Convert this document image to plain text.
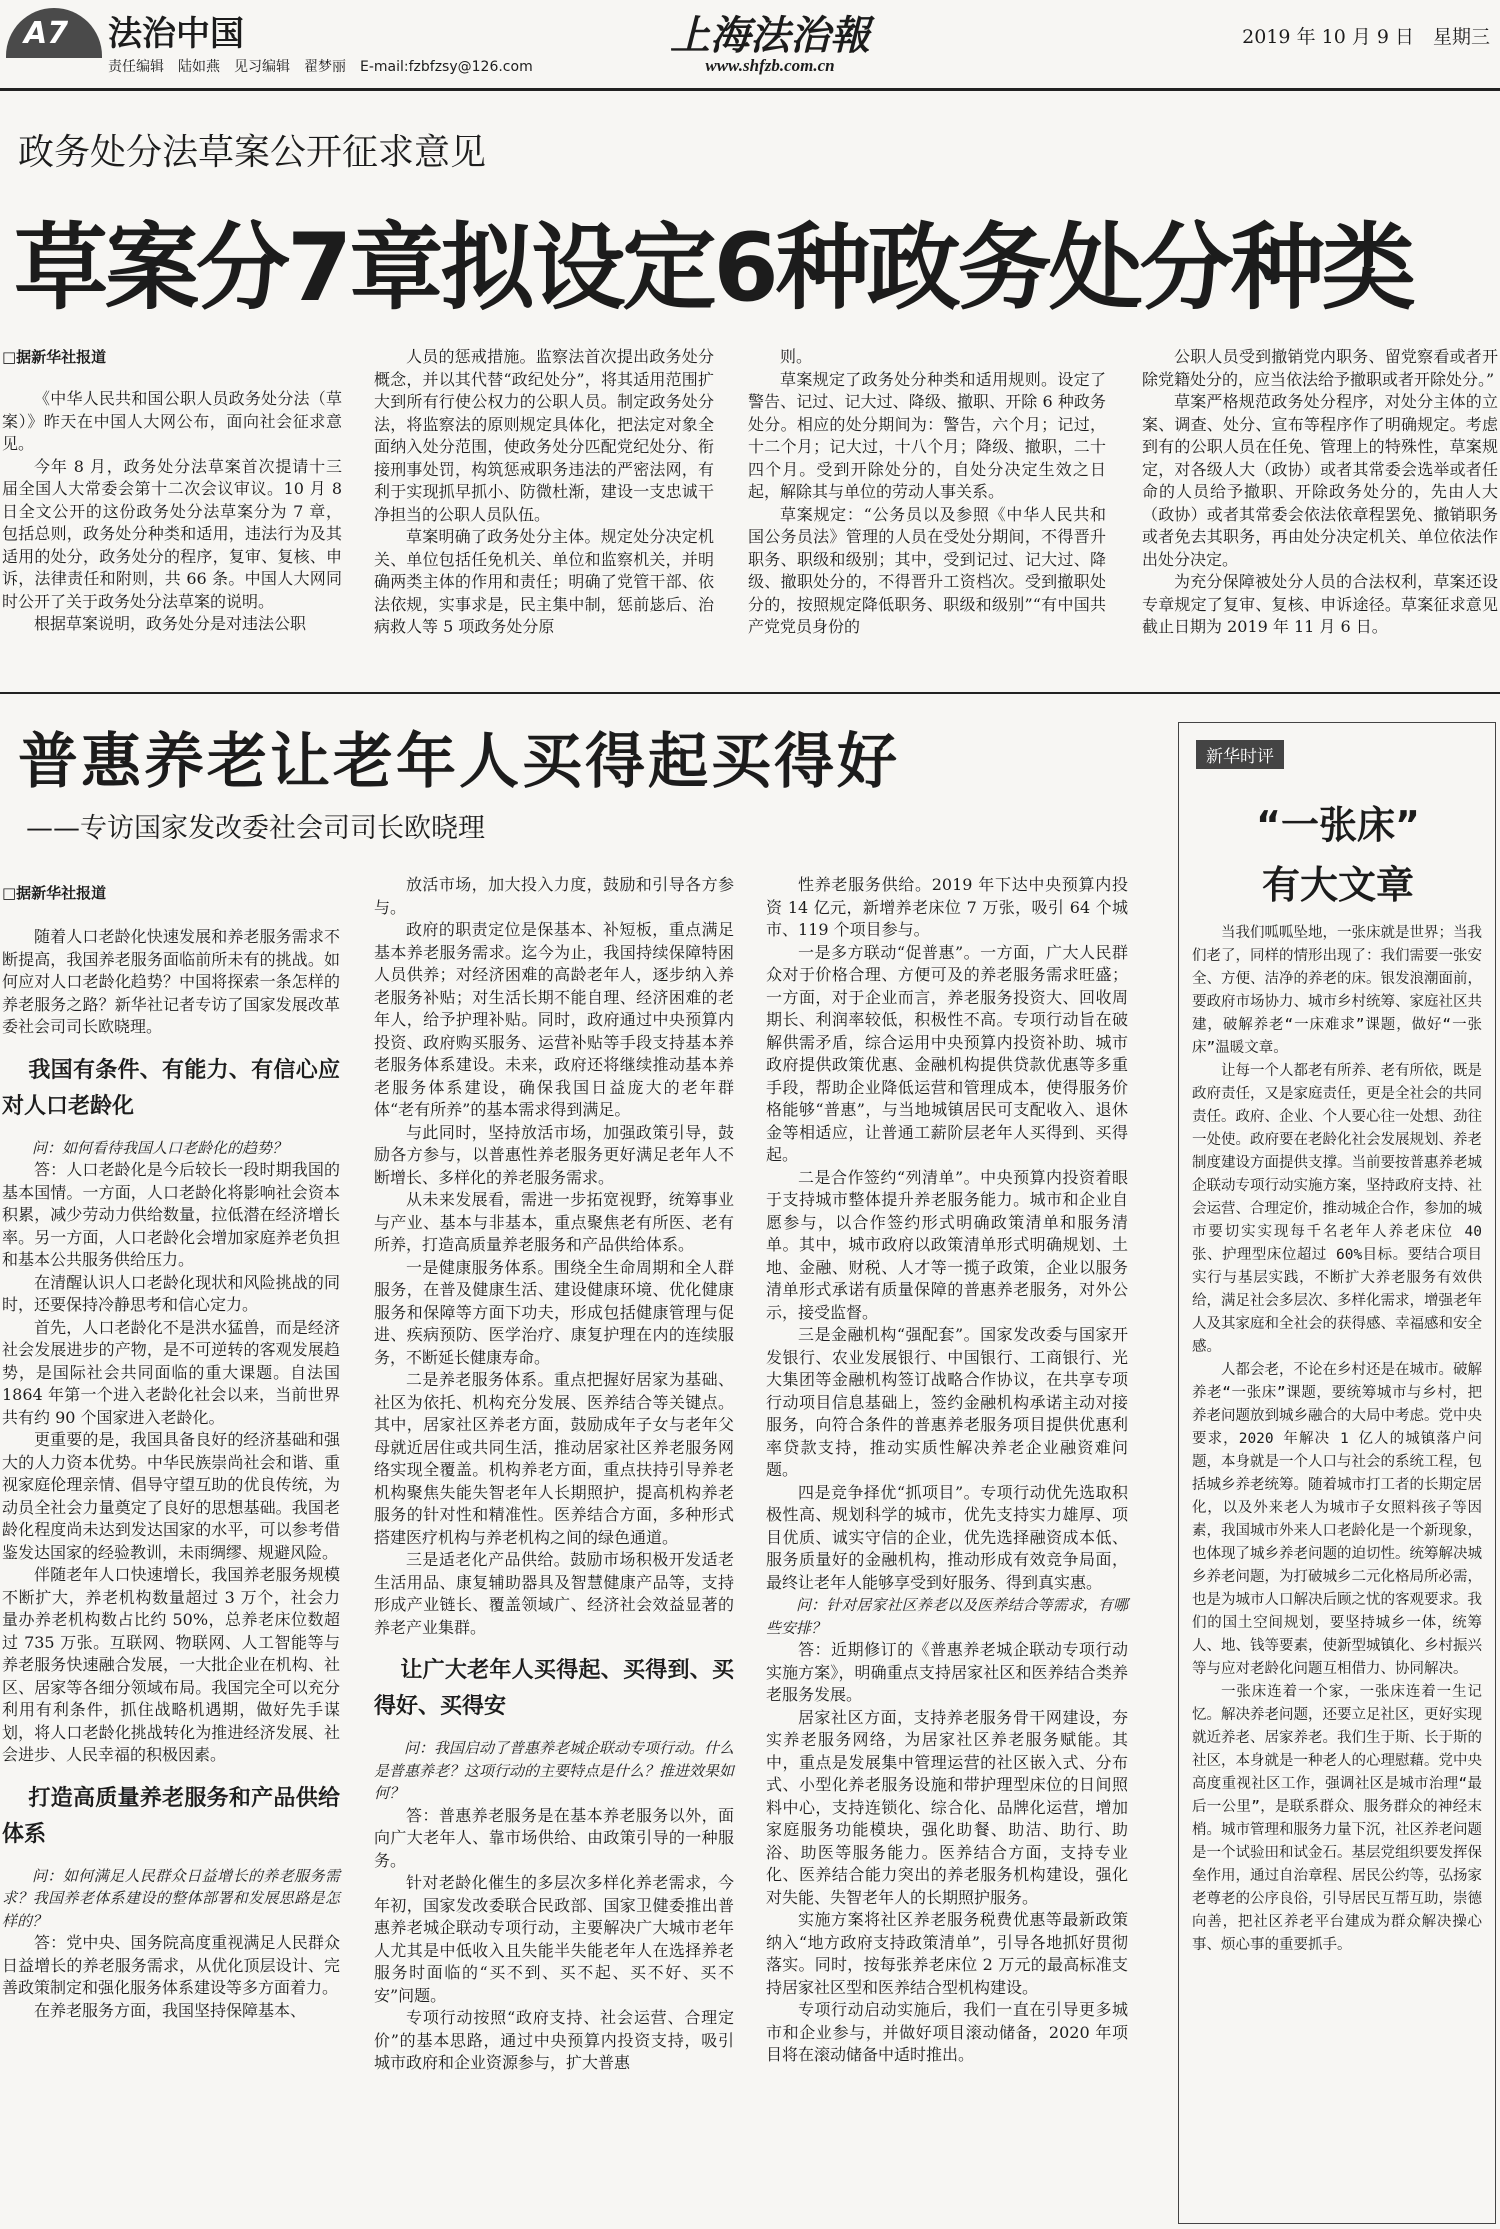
A7 法治中国
责任编辑　陆如燕　见习编辑　翟梦丽　E-mail:fzbfzsy@126.com
上海法治報
www.shfzb.com.cn
2019 年 10 月 9 日　星期三
政务处分法草案公开征求意见
草案分7章拟设定6种政务处分种类
□据新华社报道

《中华人民共和国公职人员政务处分法（草案）》昨天在中国人大网公布，面向社会征求意见。

今年 8 月，政务处分法草案首次提请十三届全国人大常委会第十二次会议审议。10 月 8 日全文公开的这份政务处分法草案分为 7 章，包括总则，政务处分种类和适用，违法行为及其适用的处分，政务处分的程序，复审、复核、申诉，法律责任和附则，共 66 条。中国人大网同时公开了关于政务处分法草案的说明。

根据草案说明，政务处分是对违法公职

人员的惩戒措施。监察法首次提出政务处分概念，并以其代替“政纪处分”，将其适用范围扩大到所有行使公权力的公职人员。制定政务处分法，将监察法的原则规定具体化，把法定对象全面纳入处分范围，使政务处分匹配党纪处分、衔接刑事处罚，构筑惩戒职务违法的严密法网，有利于实现抓早抓小、防微杜渐，建设一支忠诚干净担当的公职人员队伍。

草案明确了政务处分主体。规定处分决定机关、单位包括任免机关、单位和监察机关，并明确两类主体的作用和责任；明确了党管干部、依法依规，实事求是，民主集中制，惩前毖后、治病救人等 5 项政务处分原

则。

草案规定了政务处分种类和适用规则。设定了警告、记过、记大过、降级、撤职、开除 6 种政务处分。相应的处分期间为：警告，六个月；记过，十二个月；记大过，十八个月；降级、撤职，二十四个月。受到开除处分的，自处分决定生效之日起，解除其与单位的劳动人事关系。

草案规定：“公务员以及参照《中华人民共和国公务员法》管理的人员在受处分期间，不得晋升职务、职级和级别；其中，受到记过、记大过、降级、撤职处分的，不得晋升工资档次。受到撤职处分的，按照规定降低职务、职级和级别”“有中国共产党党员身份的

公职人员受到撤销党内职务、留党察看或者开除党籍处分的，应当依法给予撤职或者开除处分。”

草案严格规范政务处分程序，对处分主体的立案、调查、处分、宣布等程序作了明确规定。考虑到有的公职人员在任免、管理上的特殊性，草案规定，对各级人大（政协）或者其常委会选举或者任命的人员给予撤职、开除政务处分的，先由人大（政协）或者其常委会依法依章程罢免、撤销职务或者免去其职务，再由处分决定机关、单位依法作出处分决定。

为充分保障被处分人员的合法权利，草案还设专章规定了复审、复核、申诉途径。草案征求意见截止日期为 2019 年 11 月 6 日。

普惠养老让老年人买得起买得好
——专访国家发改委社会司司长欧晓理
□据新华社报道

随着人口老龄化快速发展和养老服务需求不断提高，我国养老服务面临前所未有的挑战。如何应对人口老龄化趋势？中国将探索一条怎样的养老服务之路？新华社记者专访了国家发展改革委社会司司长欧晓理。

我国有条件、有能力、有信心应对人口老龄化

问：如何看待我国人口老龄化的趋势？

答：人口老龄化是今后较长一段时期我国的基本国情。一方面，人口老龄化将影响社会资本积累，减少劳动力供给数量，拉低潜在经济增长率。另一方面，人口老龄化会增加家庭养老负担和基本公共服务供给压力。

在清醒认识人口老龄化现状和风险挑战的同时，还要保持冷静思考和信心定力。

首先，人口老龄化不是洪水猛兽，而是经济社会发展进步的产物，是不可逆转的客观发展趋势，是国际社会共同面临的重大课题。自法国 1864 年第一个进入老龄化社会以来，当前世界共有约 90 个国家进入老龄化。

更重要的是，我国具备良好的经济基础和强大的人力资本优势。中华民族崇尚社会和谐、重视家庭伦理亲情、倡导守望互助的优良传统，为动员全社会力量奠定了良好的思想基础。我国老龄化程度尚未达到发达国家的水平，可以参考借鉴发达国家的经验教训，未雨绸缪、规避风险。

伴随老年人口快速增长，我国养老服务规模不断扩大，养老机构数量超过 3 万个，社会力量办养老机构数占比约 50%，总养老床位数超过 735 万张。互联网、物联网、人工智能等与养老服务快速融合发展，一大批企业在机构、社区、居家等各细分领域布局。我国完全可以充分利用有利条件，抓住战略机遇期，做好先手谋划，将人口老龄化挑战转化为推进经济发展、社会进步、人民幸福的积极因素。

打造高质量养老服务和产品供给体系

问：如何满足人民群众日益增长的养老服务需求？我国养老体系建设的整体部署和发展思路是怎样的？

答：党中央、国务院高度重视满足人民群众日益增长的养老服务需求，从优化顶层设计、完善政策制定和强化服务体系建设等多方面着力。

在养老服务方面，我国坚持保障基本、

放活市场，加大投入力度，鼓励和引导各方参与。

政府的职责定位是保基本、补短板，重点满足基本养老服务需求。迄今为止，我国持续保障特困人员供养；对经济困难的高龄老年人，逐步纳入养老服务补贴；对生活长期不能自理、经济困难的老年人，给予护理补贴。同时，政府通过中央预算内投资、政府购买服务、运营补贴等手段支持基本养老服务体系建设。未来，政府还将继续推动基本养老服务体系建设，确保我国日益庞大的老年群体“老有所养”的基本需求得到满足。

与此同时，坚持放活市场，加强政策引导，鼓励各方参与，以普惠性养老服务更好满足老年人不断增长、多样化的养老服务需求。

从未来发展看，需进一步拓宽视野，统筹事业与产业、基本与非基本，重点聚焦老有所医、老有所养，打造高质量养老服务和产品供给体系。

一是健康服务体系。围绕全生命周期和全人群服务，在普及健康生活、建设健康环境、优化健康服务和保障等方面下功夫，形成包括健康管理与促进、疾病预防、医学治疗、康复护理在内的连续服务，不断延长健康寿命。

二是养老服务体系。重点把握好居家为基础、社区为依托、机构充分发展、医养结合等关键点。其中，居家社区养老方面，鼓励成年子女与老年父母就近居住或共同生活，推动居家社区养老服务网络实现全覆盖。机构养老方面，重点扶持引导养老机构聚焦失能失智老年人长期照护，提高机构养老服务的针对性和精准性。医养结合方面，多种形式搭建医疗机构与养老机构之间的绿色通道。

三是适老化产品供给。鼓励市场积极开发适老生活用品、康复辅助器具及智慧健康产品等，支持形成产业链长、覆盖领域广、经济社会效益显著的养老产业集群。

让广大老年人买得起、买得到、买得好、买得安

问：我国启动了普惠养老城企联动专项行动。什么是普惠养老？这项行动的主要特点是什么？推进效果如何？

答：普惠养老服务是在基本养老服务以外，面向广大老年人、靠市场供给、由政策引导的一种服务。

针对老龄化催生的多层次多样化养老需求，今年初，国家发改委联合民政部、国家卫健委推出普惠养老城企联动专项行动，主要解决广大城市老年人尤其是中低收入且失能半失能老年人在选择养老服务时面临的“买不到、买不起、买不好、买不安”问题。

专项行动按照“政府支持、社会运营、合理定价”的基本思路，通过中央预算内投资支持，吸引城市政府和企业资源参与，扩大普惠

性养老服务供给。2019 年下达中央预算内投资 14 亿元，新增养老床位 7 万张，吸引 64 个城市、119 个项目参与。

一是多方联动“促普惠”。一方面，广大人民群众对于价格合理、方便可及的养老服务需求旺盛；一方面，对于企业而言，养老服务投资大、回收周期长、利润率较低，积极性不高。专项行动旨在破解供需矛盾，综合运用中央预算内投资补助、城市政府提供政策优惠、金融机构提供贷款优惠等多重手段，帮助企业降低运营和管理成本，使得服务价格能够“普惠”，与当地城镇居民可支配收入、退休金等相适应，让普通工薪阶层老年人买得到、买得起。

二是合作签约“列清单”。中央预算内投资着眼于支持城市整体提升养老服务能力。城市和企业自愿参与，以合作签约形式明确政策清单和服务清单。其中，城市政府以政策清单形式明确规划、土地、金融、财税、人才等一揽子政策，企业以服务清单形式承诺有质量保障的普惠养老服务，对外公示，接受监督。

三是金融机构“强配套”。国家发改委与国家开发银行、农业发展银行、中国银行、工商银行、光大集团等金融机构签订战略合作协议，在共享专项行动项目信息基础上，签约金融机构承诺主动对接服务，向符合条件的普惠养老服务项目提供优惠利率贷款支持，推动实质性解决养老企业融资难问题。

四是竞争择优“抓项目”。专项行动优先选取积极性高、规划科学的城市，优先支持实力雄厚、项目优质、诚实守信的企业，优先选择融资成本低、服务质量好的金融机构，推动形成有效竞争局面，最终让老年人能够享受到好服务、得到真实惠。

问：针对居家社区养老以及医养结合等需求，有哪些安排？

答：近期修订的《普惠养老城企联动专项行动实施方案》，明确重点支持居家社区和医养结合类养老服务发展。

居家社区方面，支持养老服务骨干网建设，夯实养老服务网络，为居家社区养老服务赋能。其中，重点是发展集中管理运营的社区嵌入式、分布式、小型化养老服务设施和带护理型床位的日间照料中心，支持连锁化、综合化、品牌化运营，增加家庭服务功能模块，强化助餐、助洁、助行、助浴、助医等服务能力。医养结合方面，支持专业化、医养结合能力突出的养老服务机构建设，强化对失能、失智老年人的长期照护服务。

实施方案将社区养老服务税费优惠等最新政策纳入“地方政府支持政策清单”，引导各地抓好贯彻落实。同时，按每张养老床位 2 万元的最高标准支持居家社区型和医养结合型机构建设。

专项行动启动实施后，我们一直在引导更多城市和企业参与，并做好项目滚动储备，2020 年项目将在滚动储备中适时推出。

新华时评
“一张床”
有大文章

当我们呱呱坠地，一张床就是世界；当我们老了，同样的情形出现了：我们需要一张安全、方便、洁净的养老的床。银发浪潮面前，要政府市场协力、城市乡村统筹、家庭社区共建，破解养老“一床难求”课题，做好“一张床”温暖文章。

让每一个人都老有所养、老有所依，既是政府责任，又是家庭责任，更是全社会的共同责任。政府、企业、个人要心往一处想、劲往一处使。政府要在老龄化社会发展规划、养老制度建设方面提供支撑。当前要按普惠养老城企联动专项行动实施方案，坚持政府支持、社会运营、合理定价，推动城企合作，参加的城市要切实实现每千名老年人养老床位 40 张、护理型床位超过 60%目标。要结合项目实行与基层实践，不断扩大养老服务有效供给，满足社会多层次、多样化需求，增强老年人及其家庭和全社会的获得感、幸福感和安全感。

人都会老，不论在乡村还是在城市。破解养老“一张床”课题，要统筹城市与乡村，把养老问题放到城乡融合的大局中考虑。党中央要求，2020 年解决 1 亿人的城镇落户问题，本身就是一个人口与社会的系统工程，包括城乡养老统筹。随着城市打工者的长期定居化，以及外来老人为城市子女照料孩子等因素，我国城市外来人口老龄化是一个新现象，也体现了城乡养老问题的迫切性。统筹解决城乡养老问题，为打破城乡二元化格局所必需，也是为城市人口解决后顾之忧的客观要求。我们的国土空间规划，要坚持城乡一体，统筹人、地、钱等要素，使新型城镇化、乡村振兴等与应对老龄化问题互相借力、协同解决。

一张床连着一个家，一张床连着一生记忆。解决养老问题，还要立足社区，更好实现就近养老、居家养老。我们生于斯、长于斯的社区，本身就是一种老人的心理慰藉。党中央高度重视社区工作，强调社区是城市治理“最后一公里”，是联系群众、服务群众的神经末梢。城市管理和服务力量下沉，社区养老问题是一个试验田和试金石。基层党组织要发挥保垒作用，通过自治章程、居民公约等，弘扬家老尊老的公序良俗，引导居民互帮互助，崇德向善，把社区养老平台建成为群众解决操心事、烦心事的重要抓手。
